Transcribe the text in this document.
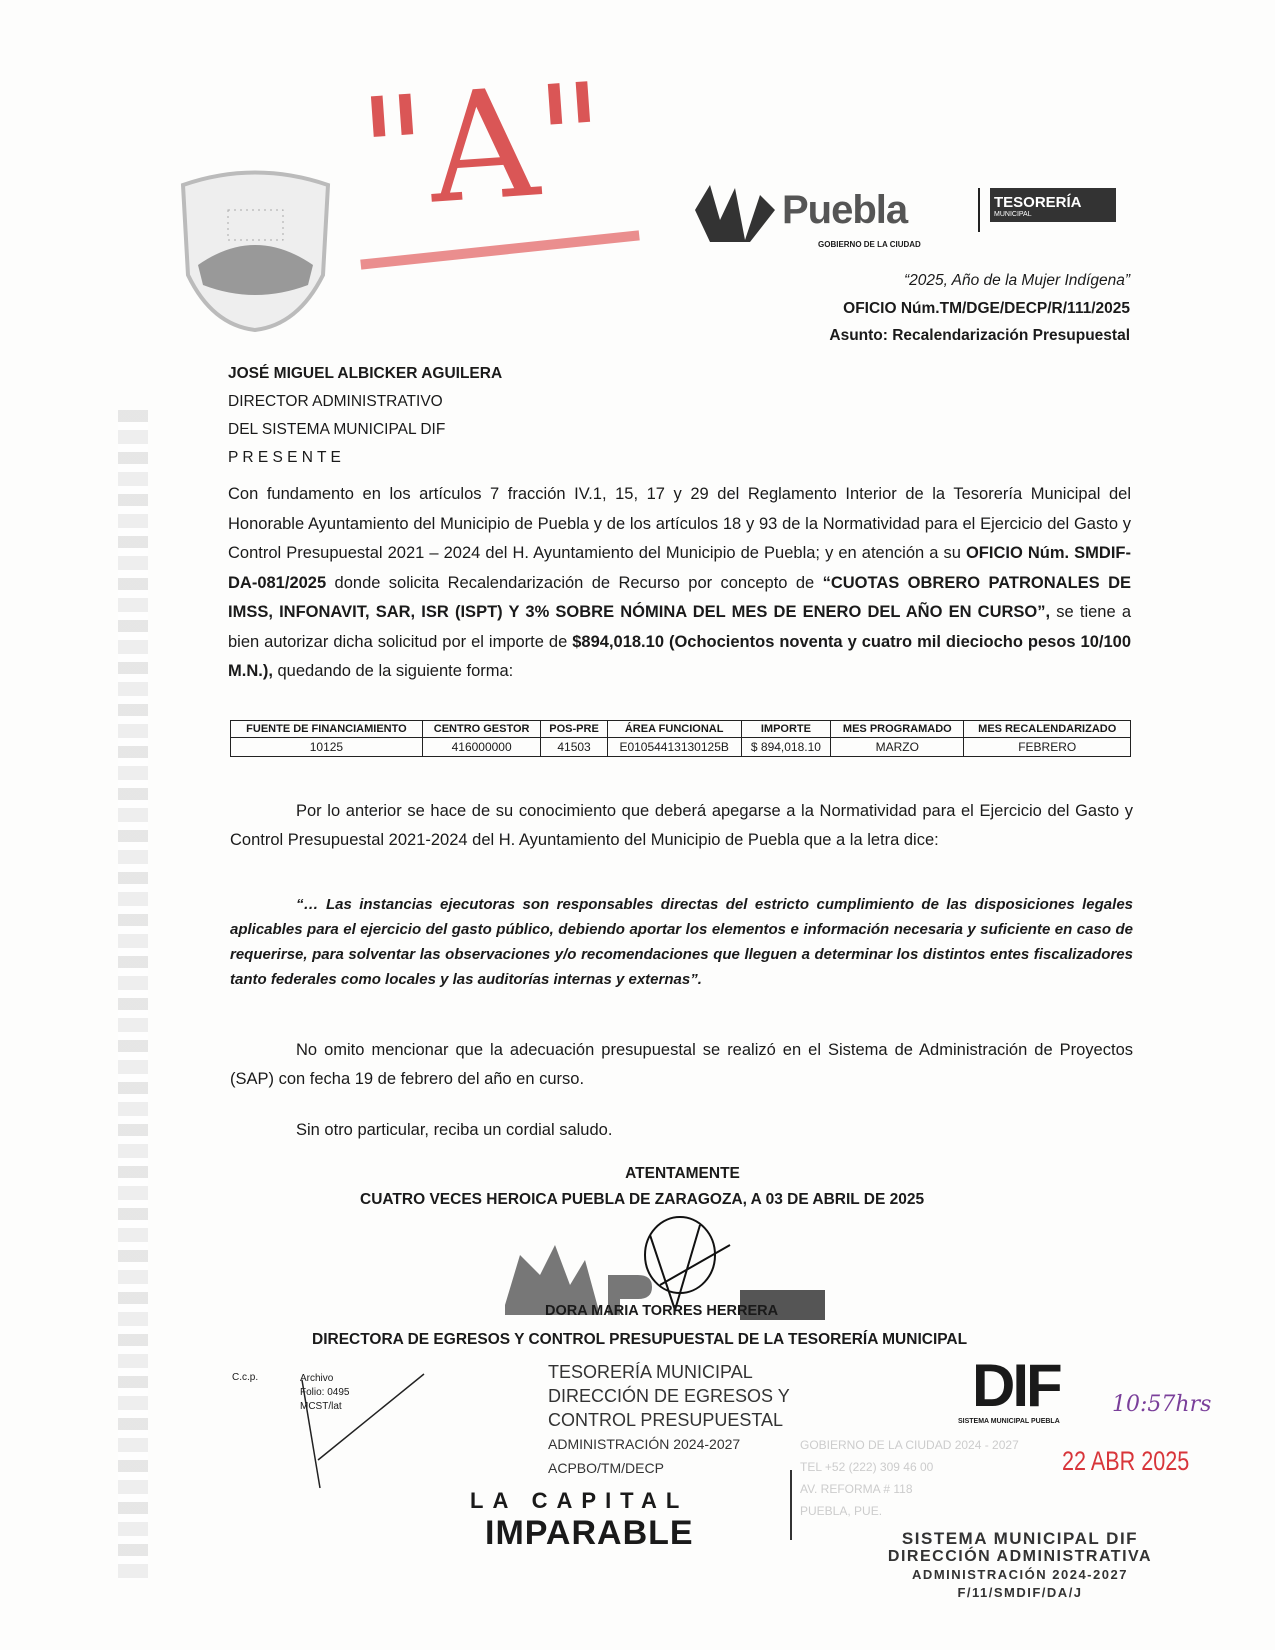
"A"	Puebla
GOBIERNO DE LA CIUDAD
TESORERÍA
MUNICIPAL
“2025, Año de la Mujer Indígena”
OFICIO Núm.TM/DGE/DECP/R/111/2025
Asunto: Recalendarización Presupuestal
JOSÉ MIGUEL ALBICKER AGUILERA
DIRECTOR ADMINISTRATIVO
DEL SISTEMA MUNICIPAL DIF
P R E S E N T E
Con fundamento en los artículos 7 fracción IV.1, 15, 17 y 29 del Reglamento Interior de la Tesorería Municipal del Honorable Ayuntamiento del Municipio de Puebla y de los artículos 18 y 93 de la Normatividad para el Ejercicio del Gasto y Control Presupuestal 2021 – 2024 del H. Ayuntamiento del Municipio de Puebla; y en atención a su OFICIO Núm. SMDIF-DA-081/2025 donde solicita Recalendarización de Recurso por concepto de “CUOTAS OBRERO PATRONALES DE IMSS, INFONAVIT, SAR, ISR (ISPT) Y 3% SOBRE NÓMINA DEL MES DE ENERO DEL AÑO EN CURSO”, se tiene a bien autorizar dicha solicitud por el importe de $894,018.10 (Ochocientos noventa y cuatro mil dieciocho pesos 10/100 M.N.), quedando de la siguiente forma:
FUENTE DE FINANCIAMIENTO	CENTRO GESTOR	POS-PRE	ÁREA FUNCIONAL	IMPORTE	MES PROGRAMADO	MES RECALENDARIZADO
10125	416000000	41503	E010544131301​25B	$ 894,018.10	MARZO	FEBRERO
Por lo anterior se hace de su conocimiento que deberá apegarse a la Normatividad para el Ejercicio del Gasto y Control Presupuestal 2021-2024 del H. Ayuntamiento del Municipio de Puebla que a la letra dice:
“… Las instancias ejecutoras son responsables directas del estricto cumplimiento de las disposiciones legales aplicables para el ejercicio del gasto público, debiendo aportar los elementos e información necesaria y suficiente en caso de requerirse, para solventar las observaciones y/o recomendaciones que lleguen a determinar los distintos entes fiscalizadores tanto federales como locales y las auditorías internas y externas”.
No omito mencionar que la adecuación presupuestal se realizó en el Sistema de Administración de Proyectos (SAP) con fecha 19 de febrero del año en curso.
Sin otro particular, reciba un cordial saludo.
ATENTAMENTE
CUATRO VECES HEROICA PUEBLA DE ZARAGOZA, A 03 DE ABRIL DE 2025
DORA MARIA TORRES HERRERA
DIRECTORA DE EGRESOS Y CONTROL PRESUPUESTAL DE LA TESORERÍA MUNICIPAL
C.c.p.	Archivo
Folio: 0495
MCST/lat
TESORERÍA MUNICIPAL
DIRECCIÓN DE EGRESOS Y
CONTROL PRESUPUESTAL
ADMINISTRACIÓN 2024-2027
ACPBO/TM/DECP
LA CAPITAL
IMPARABLE
DIF
SISTEMA MUNICIPAL PUEBLA
GOBIERNO DE LA CIUDAD 2024 - 2027
TEL +52 (222) 309 46 00
AV. REFORMA # 118
PUEBLA, PUE.
22 ABR 2025
10:57hrs
SISTEMA MUNICIPAL DIF
DIRECCIÓN ADMINISTRATIVA
ADMINISTRACIÓN 2024-2027
F/11/SMDIF/DA/J
